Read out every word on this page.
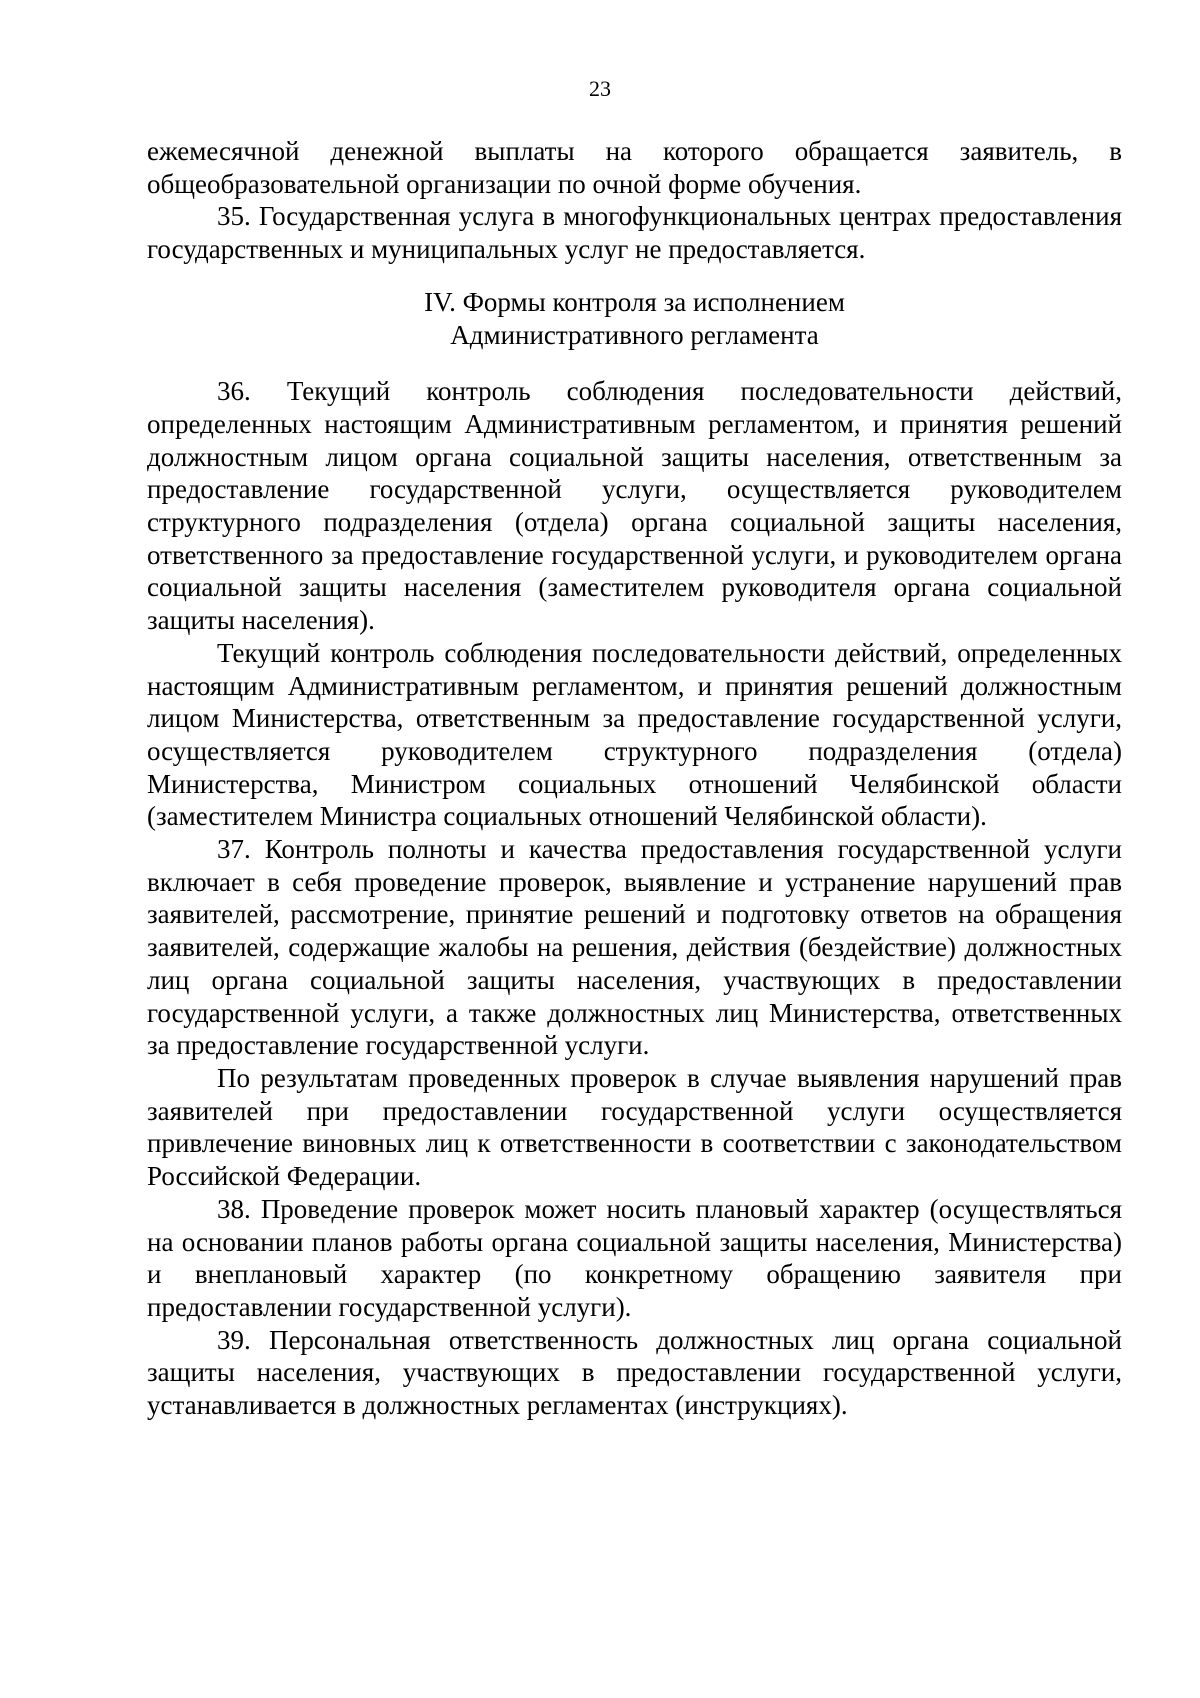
23

ежемесячной денежной выплаты на которого обращается заявитель, в общеобразовательной организации по очной форме обучения.

35. Государственная услуга в многофункциональных центрах предоставления государственных и муниципальных услуг не предоставляется.

IV. Формы контроля за исполнением
Административного регламента

36. Текущий контроль соблюдения последовательности действий, определенных настоящим Административным регламентом, и принятия решений должностным лицом органа социальной защиты населения, ответственным за предоставление государственной услуги, осуществляется руководителем структурного подразделения (отдела) органа социальной защиты населения, ответственного за предоставление государственной услуги, и руководителем органа социальной защиты населения (заместителем руководителя органа социальной защиты населения).

Текущий контроль соблюдения последовательности действий, определенных настоящим Административным регламентом, и принятия решений должностным лицом Министерства, ответственным за предоставление государственной услуги, осуществляется руководителем структурного подразделения (отдела) Министерства, Министром социальных отношений Челябинской области (заместителем Министра социальных отношений Челябинской области).

37. Контроль полноты и качества предоставления государственной услуги включает в себя проведение проверок, выявление и устранение нарушений прав заявителей, рассмотрение, принятие решений и подготовку ответов на обращения заявителей, содержащие жалобы на решения, действия (бездействие) должностных лиц органа социальной защиты населения, участвующих в предоставлении государственной услуги, а также должностных лиц Министерства, ответственных за предоставление государственной услуги.

По результатам проведенных проверок в случае выявления нарушений прав заявителей при предоставлении государственной услуги осуществляется привлечение виновных лиц к ответственности в соответствии с законодательством Российской Федерации.

38. Проведение проверок может носить плановый характер (осуществляться на основании планов работы органа социальной защиты населения, Министерства) и внеплановый характер (по конкретному обращению заявителя при предоставлении государственной услуги).

39. Персональная ответственность должностных лиц органа социальной защиты населения, участвующих в предоставлении государственной услуги, устанавливается в должностных регламентах (инструкциях).
